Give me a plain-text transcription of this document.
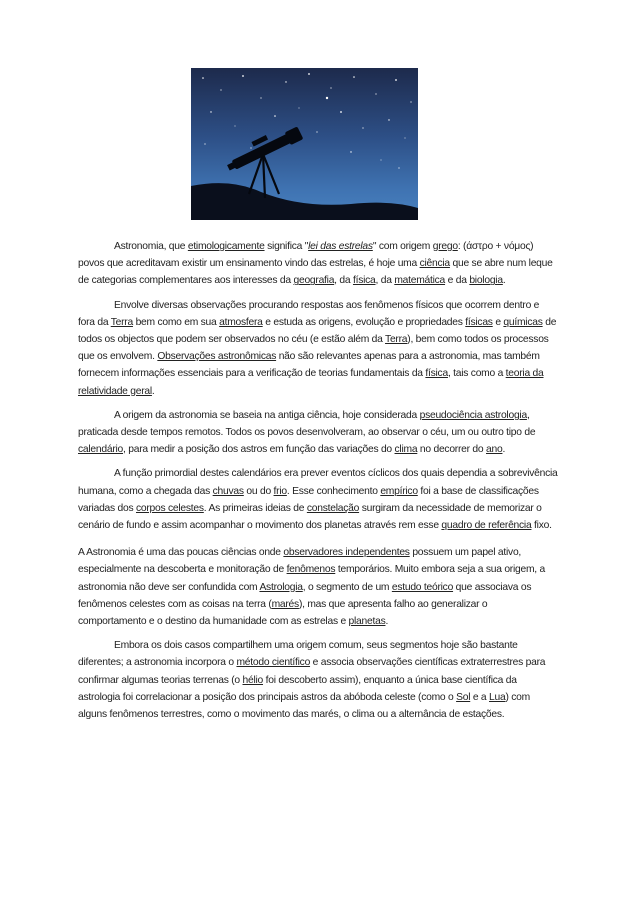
Astronomia, que etimologicamente significa "lei das estrelas" com origem grego: (άστρο + νόμος) povos que acreditavam existir um ensinamento vindo das estrelas, é hoje uma ciência que se abre num leque de categorias complementares aos interesses da geografia, da física, da matemática e da biologia.

Envolve diversas observações procurando respostas aos fenômenos físicos que ocorrem dentro e fora da Terra bem como em sua atmosfera e estuda as origens, evolução e propriedades físicas e químicas de todos os objectos que podem ser observados no céu (e estão além da Terra), bem como todos os processos que os envolvem. Observações astronômicas não são relevantes apenas para a astronomia, mas também fornecem informações essenciais para a verificação de teorias fundamentais da física, tais como a teoria da relatividade geral.

A origem da astronomia se baseia na antiga ciência, hoje considerada pseudociência astrologia, praticada desde tempos remotos. Todos os povos desenvolveram, ao observar o céu, um ou outro tipo de calendário, para medir a posição dos astros em função das variações do clima no decorrer do ano.

A função primordial destes calendários era prever eventos cíclicos dos quais dependia a sobrevivência humana, como a chegada das chuvas ou do frio. Esse conhecimento empírico foi a base de classificações variadas dos corpos celestes. As primeiras ideias de constelação surgiram da necessidade de memorizar o cenário de fundo e assim acompanhar o movimento dos planetas através rem esse quadro de referência fixo.

A Astronomia é uma das poucas ciências onde observadores independentes possuem um papel ativo, especialmente na descoberta e monitoração de fenômenos temporários. Muito embora seja a sua origem, a astronomia não deve ser confundida com Astrologia, o segmento de um estudo teórico que associava os fenômenos celestes com as coisas na terra (marés), mas que apresenta falho ao generalizar o comportamento e o destino da humanidade com as estrelas e planetas.

Embora os dois casos compartilhem uma origem comum, seus segmentos hoje são bastante diferentes; a astronomia incorpora o método científico e associa observações científicas extraterrestres para confirmar algumas teorias terrenas (o hélio foi descoberto assim), enquanto a única base científica da astrologia foi correlacionar a posição dos principais astros da abóboda celeste (como o Sol e a Lua) com alguns fenômenos terrestres, como o movimento das marés, o clima ou a alternância de estações.
